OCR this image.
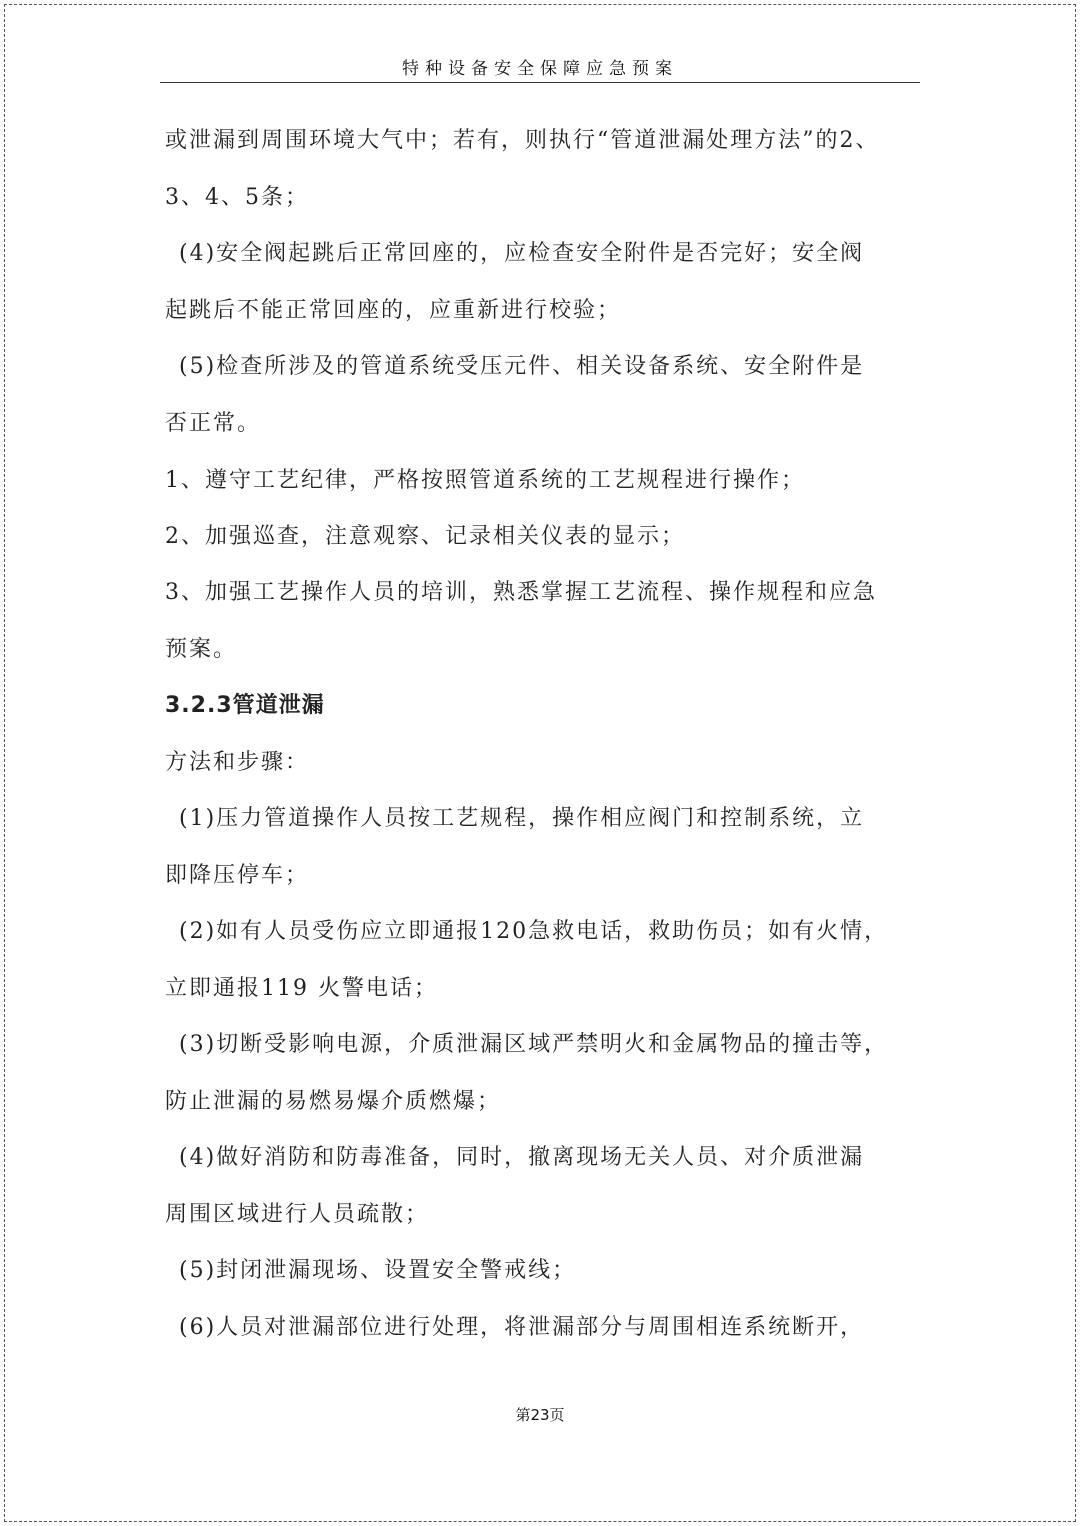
特种设备安全保障应急预案
或泄漏到周围环境大气中；若有，则执行“管道泄漏处理方法”的2、
3、4、5条；
(4)安全阀起跳后正常回座的，应检查安全附件是否完好；安全阀
起跳后不能正常回座的，应重新进行校验；
(5)检查所涉及的管道系统受压元件、相关设备系统、安全附件是
否正常。
1、遵守工艺纪律，严格按照管道系统的工艺规程进行操作；
2、加强巡查，注意观察、记录相关仪表的显示；
3、加强工艺操作人员的培训，熟悉掌握工艺流程、操作规程和应急
预案。
3.2.3管道泄漏
方法和步骤：
(1)压力管道操作人员按工艺规程，操作相应阀门和控制系统，立
即降压停车；
(2)如有人员受伤应立即通报120急救电话，救助伤员；如有火情，
立即通报119 火警电话；
(3)切断受影响电源，介质泄漏区域严禁明火和金属物品的撞击等，
防止泄漏的易燃易爆介质燃爆；
(4)做好消防和防毒准备，同时，撤离现场无关人员、对介质泄漏
周围区域进行人员疏散；
(5)封闭泄漏现场、设置安全警戒线；
(6)人员对泄漏部位进行处理，将泄漏部分与周围相连系统断开，
第23页
